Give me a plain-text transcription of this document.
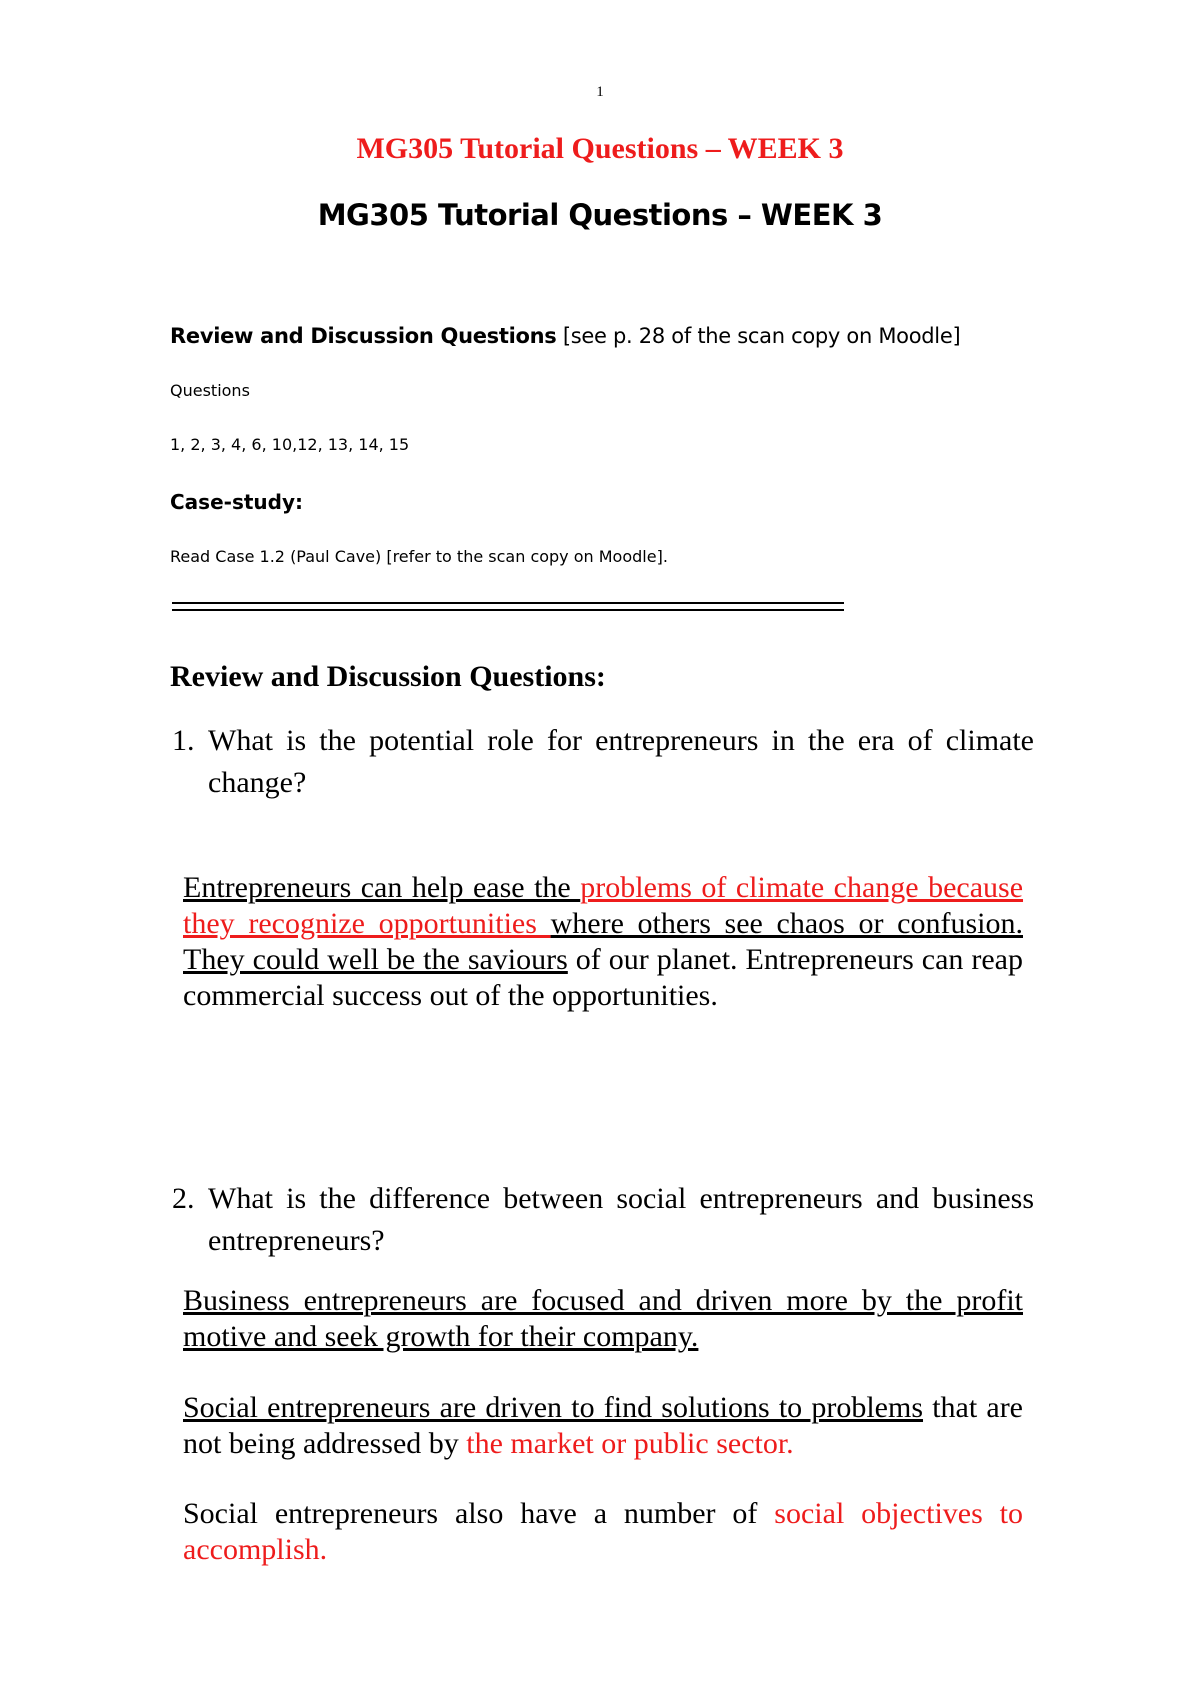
1
MG305 Tutorial Questions – WEEK 3
MG305 Tutorial Questions – WEEK 3
Review and Discussion Questions [see p. 28 of the scan copy on Moodle]
Questions
1, 2, 3, 4, 6, 10,12, 13, 14, 15
Case-study:
Read Case 1.2 (Paul Cave) [refer to the scan copy on Moodle].
Review and Discussion Questions:
1. What is the potential role for entrepreneurs in the era of climate change?
Entrepreneurs can help ease the problems of climate change because they recognize opportunities where others see chaos or confusion. They could well be the saviours of our planet. Entrepreneurs can reap commercial success out of the opportunities.
2. What is the difference between social entrepreneurs and business entrepreneurs?
Business entrepreneurs are focused and driven more by the profit motive and seek growth for their company.
Social entrepreneurs are driven to find solutions to problems that are not being addressed by the market or public sector.
Social entrepreneurs also have a number of social objectives to accomplish.
